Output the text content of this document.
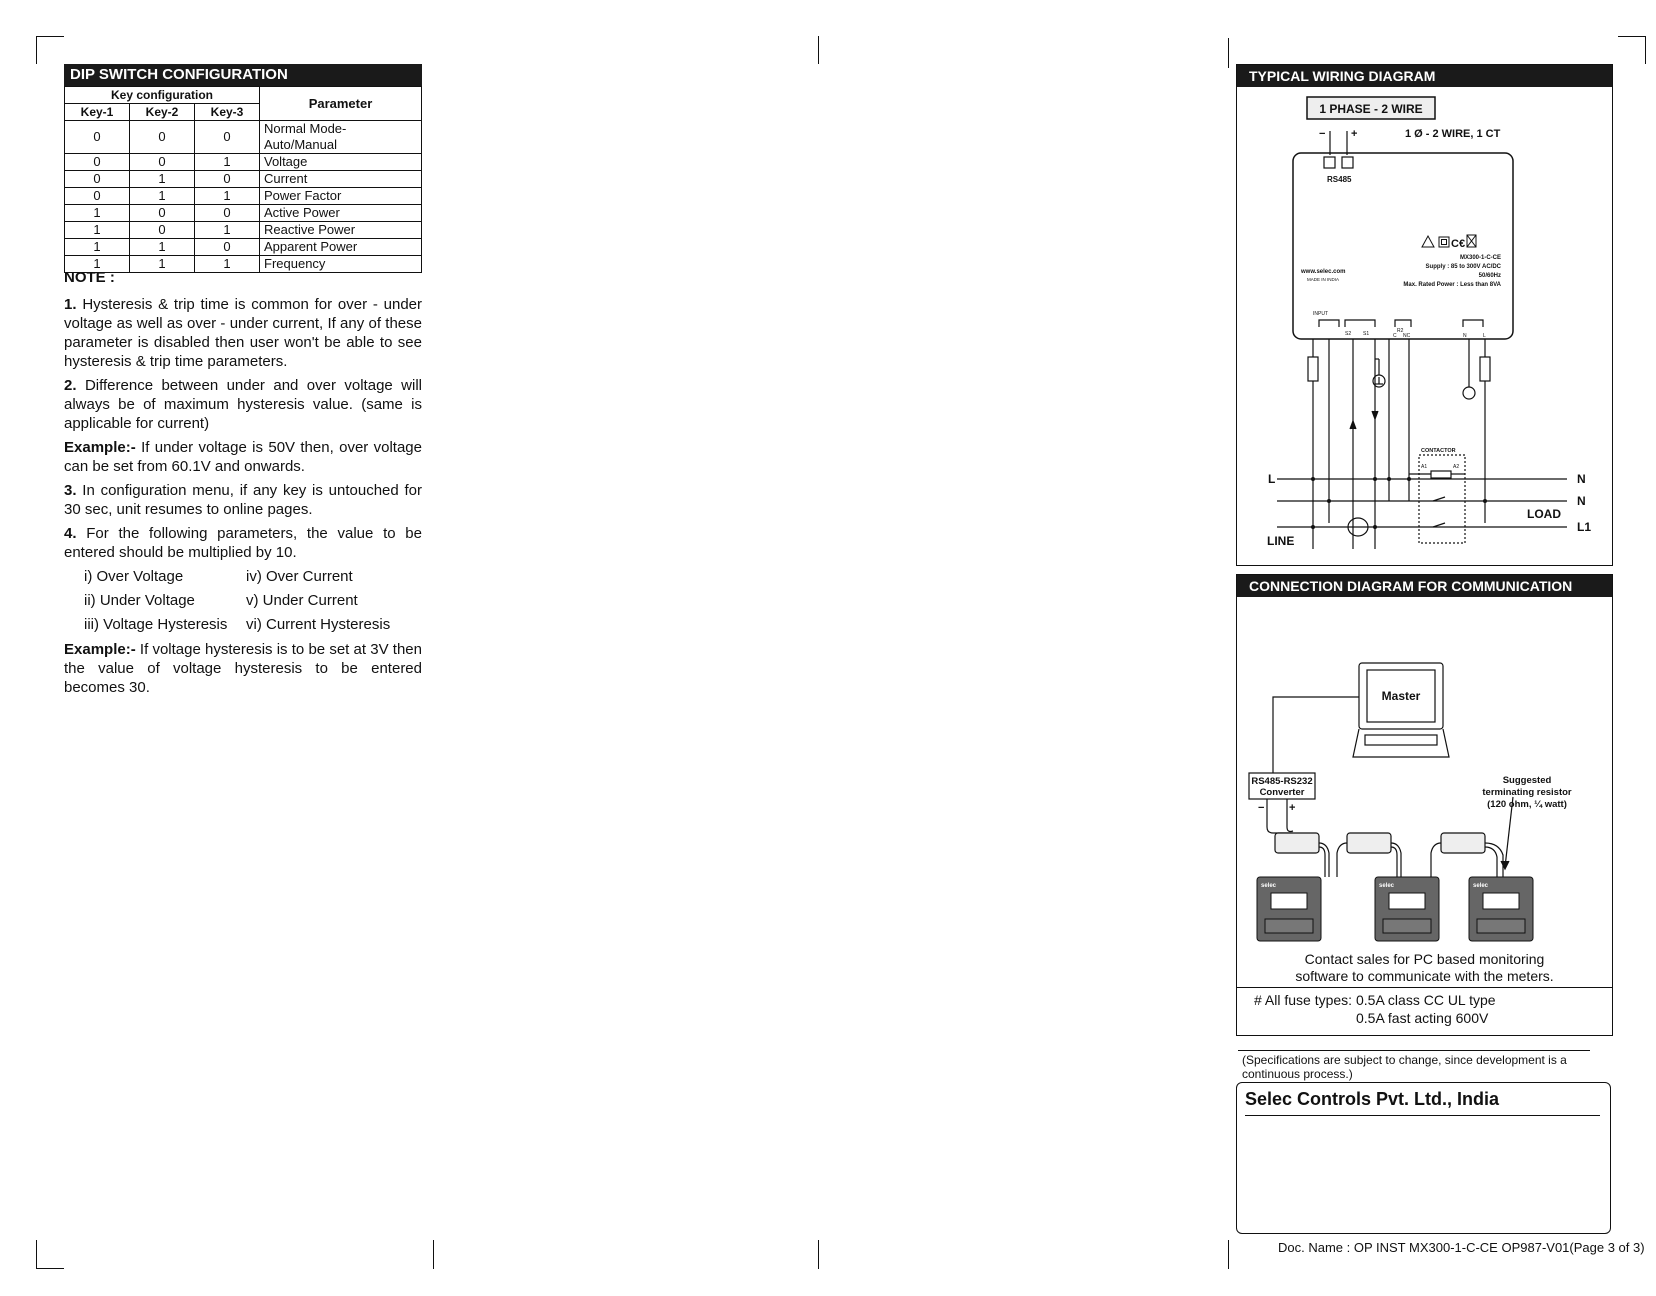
DIP SWITCH CONFIGURATION
Key configuration			Parameter
Key-1	Key-2	Key-3	
0	0	0	Normal Mode-Auto/Manual
0	0	1	Voltage
0	1	0	Current
0	1	1	Power Factor
1	0	0	Active Power
1	0	1	Reactive Power
1	1	0	Apparent Power
1	1	1	Frequency

NOTE :

1. Hysteresis & trip time is common for over - under voltage as well as over - under current, If any of these parameter is disabled then user won't be able to see hysteresis & trip time parameters.

2. Difference between under and over voltage will always be of maximum hysteresis value. (same is applicable for current)

Example:- If under voltage is 50V then, over voltage can be set from 60.1V and onwards.

3. In configuration menu, if any key is untouched for 30 sec, unit resumes to online pages.

4. For the following parameters, the value to be entered should be multiplied by 10.

i) Over Voltage	iv) Over Current
ii) Under Voltage	v) Under Current
iii) Voltage Hysteresis	vi) Current Hysteresis

Example:- If voltage hysteresis is to be set at 3V then the value of voltage hysteresis to be entered becomes 30.

TYPICAL WIRING DIAGRAM
C€
1 PHASE - 2 WIRE
− +	1 Ø - 2 WIRE, 1 CT
RS485
MX300-1-C-CE
Supply : 85 to 300V AC/DC
50/60Hz
Max. Rated Power : Less than 8VA
www.selec.com
MADE IN INDIA
INPUT
S2 S1	R2
C NC	N	L
CONTACTOR
A1	A2
L	N
N
LOAD
L1
LINE
CONNECTION DIAGRAM FOR COMMUNICATION
selec	selec	selec
Master
RS485-RS232
Converter
− +
Suggested
terminating resistor
(120 ohm, ¼ watt)
Contact sales for PC based monitoring
software to communicate with the meters.
# All fuse types: 0.5A class CC UL type
0.5A fast acting 600V
(Specifications are subject to change, since development is a continuous process.)
Selec Controls Pvt. Ltd., India
Doc. Name : OP INST MX300-1-C-CE OP987-V01(Page 3 of 3)
